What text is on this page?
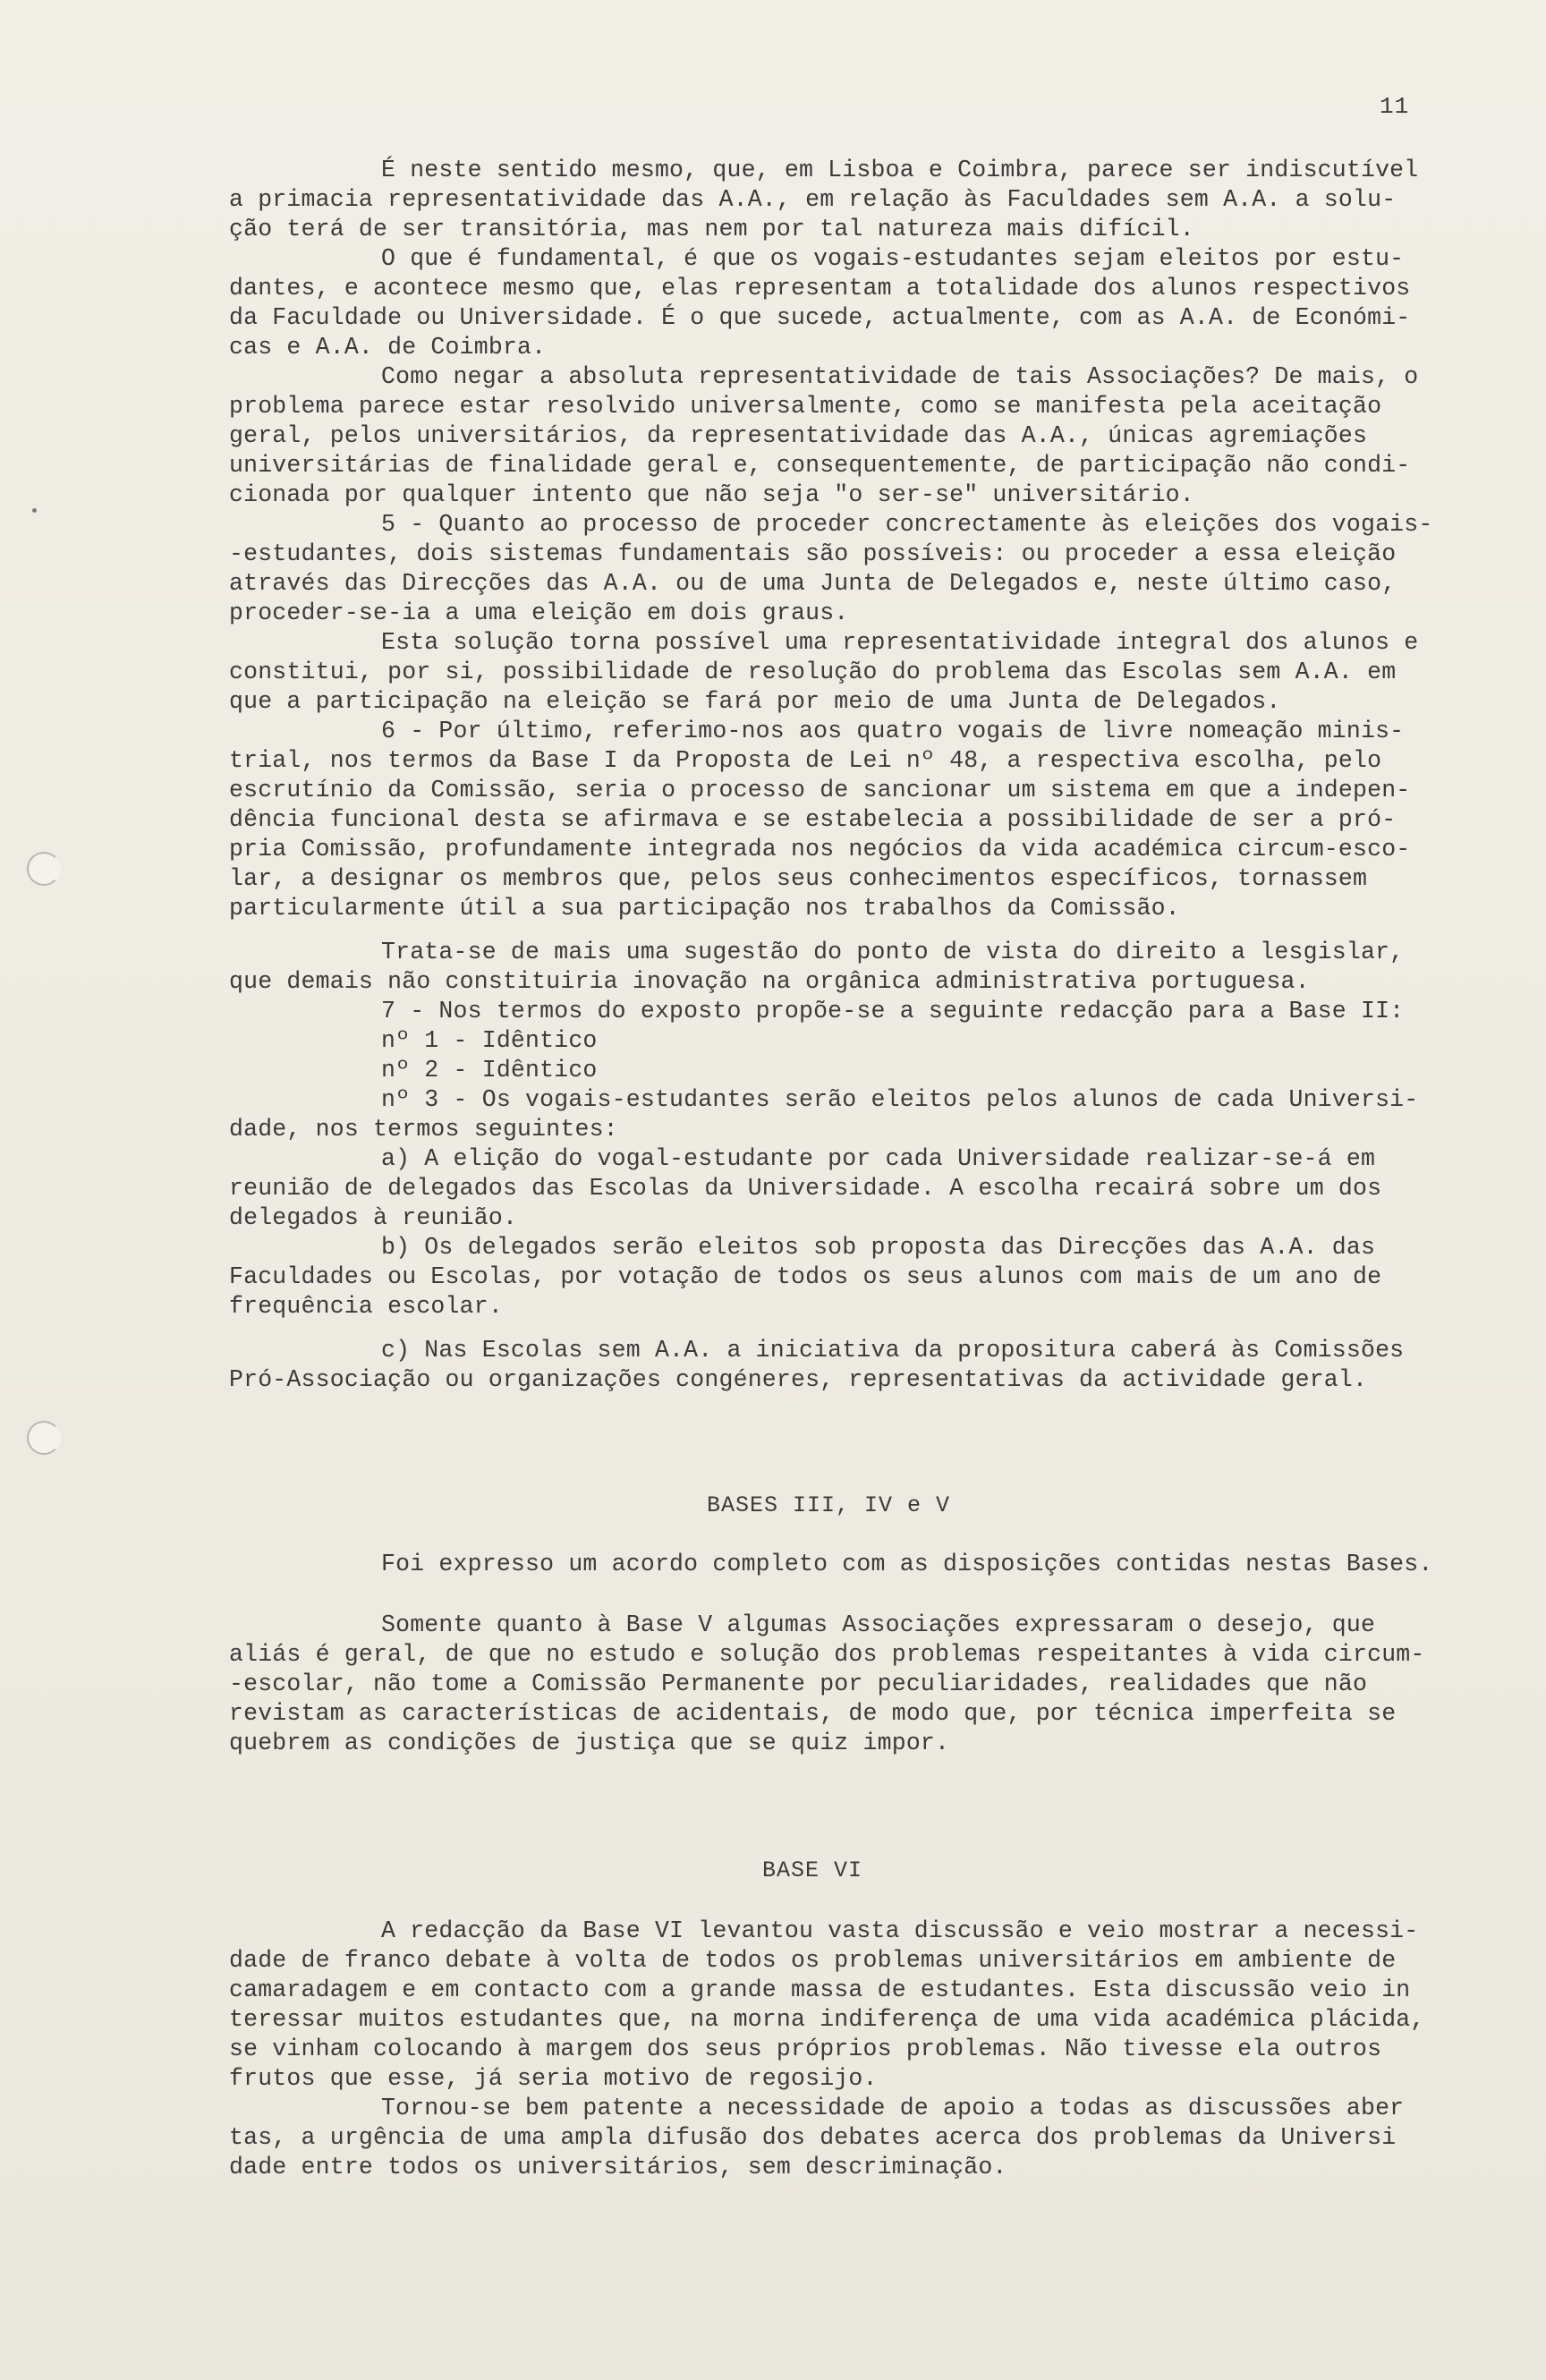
11
É neste sentido mesmo, que, em Lisboa e Coimbra, parece ser indiscutível
a primacia representatividade das A.A., em relação às Faculdades sem A.A. a solu-
ção terá de ser transitória, mas nem por tal natureza mais difícil.
O que é fundamental, é que os vogais-estudantes sejam eleitos por estu-
dantes, e acontece mesmo que, elas representam a totalidade dos alunos respectivos
da Faculdade ou Universidade. É o que sucede, actualmente, com as A.A. de Económi-
cas e A.A. de Coimbra.
Como negar a absoluta representatividade de tais Associações? De mais, o
problema parece estar resolvido universalmente, como se manifesta pela aceitação
geral, pelos universitários, da representatividade das A.A., únicas agremiações
universitárias de finalidade geral e, consequentemente, de participação não condi-
cionada por qualquer intento que não seja "o ser-se" universitário.
5 - Quanto ao processo de proceder concrectamente às eleições dos vogais-
-estudantes, dois sistemas fundamentais são possíveis: ou proceder a essa eleição
através das Direcções das A.A. ou de uma Junta de Delegados e, neste último caso,
proceder-se-ia a uma eleição em dois graus.
Esta solução torna possível uma representatividade integral dos alunos e
constitui, por si, possibilidade de resolução do problema das Escolas sem A.A. em
que a participação na eleição se fará por meio de uma Junta de Delegados.
6 - Por último, referimo-nos aos quatro vogais de livre nomeação minis-
trial, nos termos da Base I da Proposta de Lei nº 48, a respectiva escolha, pelo
escrutínio da Comissão, seria o processo de sancionar um sistema em que a indepen-
dência funcional desta se afirmava e se estabelecia a possibilidade de ser a pró-
pria Comissão, profundamente integrada nos negócios da vida académica circum-esco-
lar, a designar os membros que, pelos seus conhecimentos específicos, tornassem
particularmente útil a sua participação nos trabalhos da Comissão.
Trata-se de mais uma sugestão do ponto de vista do direito a lesgislar,
que demais não constituiria inovação na orgânica administrativa portuguesa.
7 - Nos termos do exposto propõe-se a seguinte redacção para a Base II:
nº 1 - Idêntico
nº 2 - Idêntico
nº 3 - Os vogais-estudantes serão eleitos pelos alunos de cada Universi-
dade, nos termos seguintes:
a) A elição do vogal-estudante por cada Universidade realizar-se-á em
reunião de delegados das Escolas da Universidade. A escolha recairá sobre um dos
delegados à reunião.
b) Os delegados serão eleitos sob proposta das Direcções das A.A. das
Faculdades ou Escolas, por votação de todos os seus alunos com mais de um ano de
frequência escolar.
c) Nas Escolas sem A.A. a iniciativa da propositura caberá às Comissões
Pró-Associação ou organizações congéneres, representativas da actividade geral.
BASES III, IV e V
Foi expresso um acordo completo com as disposições contidas nestas Bases.
Somente quanto à Base V algumas Associações expressaram o desejo, que
aliás é geral, de que no estudo e solução dos problemas respeitantes à vida circum-
-escolar, não tome a Comissão Permanente por peculiaridades, realidades que não
revistam as características de acidentais, de modo que, por técnica imperfeita se
quebrem as condições de justiça que se quiz impor.
BASE VI
A redacção da Base VI levantou vasta discussão e veio mostrar a necessi-
dade de franco debate à volta de todos os problemas universitários em ambiente de
camaradagem e em contacto com a grande massa de estudantes. Esta discussão veio in
teressar muitos estudantes que, na morna indiferença de uma vida académica plácida,
se vinham colocando à margem dos seus próprios problemas. Não tivesse ela outros
frutos que esse, já seria motivo de regosijo.
Tornou-se bem patente a necessidade de apoio a todas as discussões aber
tas, a urgência de uma ampla difusão dos debates acerca dos problemas da Universi
dade entre todos os universitários, sem descriminação.
